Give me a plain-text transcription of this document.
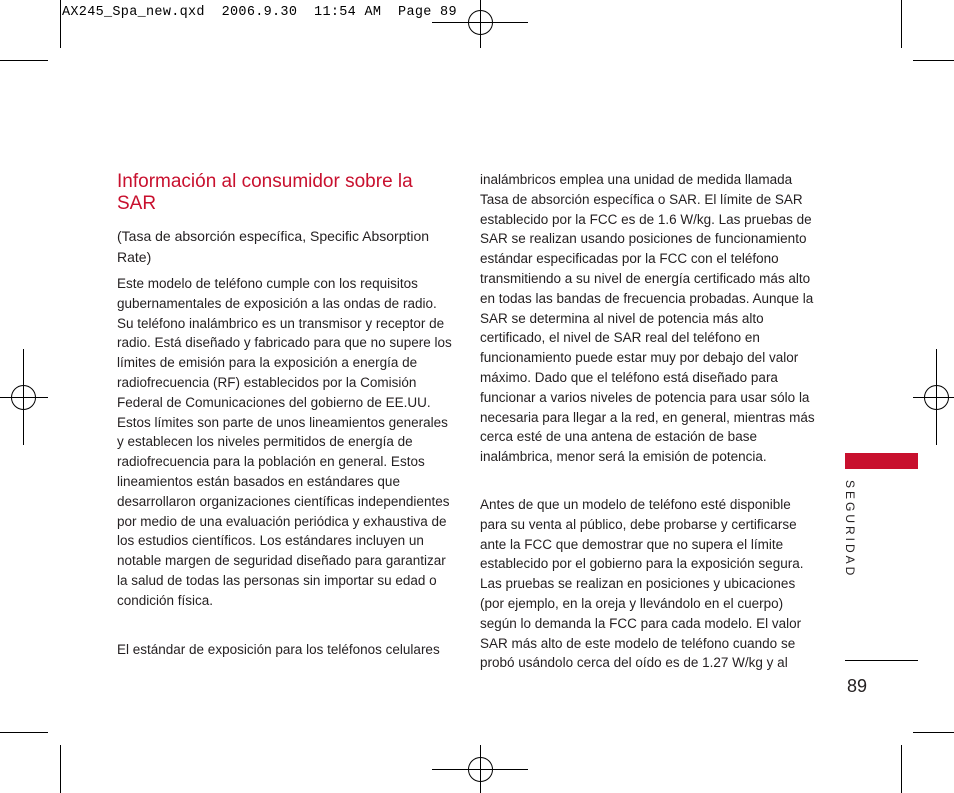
AX245_Spa_new.qxd  2006.9.30  11:54 AM  Page 89
Información al consumidor sobre la SAR

(Tasa de absorción específica, Specific Absorption Rate)

Este modelo de teléfono cumple con los requisitos gubernamentales de exposición a las ondas de radio. Su teléfono inalámbrico es un transmisor y receptor de radio. Está diseñado y fabricado para que no supere los límites de emisión para la exposición a energía de radiofrecuencia (RF) establecidos por la Comisión Federal de Comunicaciones del gobierno de EE.UU. Estos límites son parte de unos lineamientos generales y establecen los niveles permitidos de energía de radiofrecuencia para la población en general. Estos lineamientos están basados en estándares que desarrollaron organizaciones científicas independientes por medio de una evaluación periódica y exhaustiva de los estudios científicos. Los estándares incluyen un notable margen de seguridad diseñado para garantizar la salud de todas las personas sin importar su edad o condición física.

El estándar de exposición para los teléfonos celulares

inalámbricos emplea una unidad de medida llamada Tasa de absorción específica o SAR. El límite de SAR establecido por la FCC es de 1.6 W/kg. Las pruebas de SAR se realizan usando posiciones de funcionamiento estándar especificadas por la FCC con el teléfono transmitiendo a su nivel de energía certificado más alto en todas las bandas de frecuencia probadas. Aunque la SAR se determina al nivel de potencia más alto certificado, el nivel de SAR real del teléfono en funcionamiento puede estar muy por debajo del valor máximo. Dado que el teléfono está diseñado para funcionar a varios niveles de potencia para usar sólo la necesaria para llegar a la red, en general, mientras más cerca esté de una antena de estación de base inalámbrica, menor será la emisión de potencia.

Antes de que un modelo de teléfono esté disponible para su venta al público, debe probarse y certificarse ante la FCC que demostrar que no supera el límite establecido por el gobierno para la exposición segura. Las pruebas se realizan en posiciones y ubicaciones (por ejemplo, en la oreja y llevándolo en el cuerpo) según lo demanda la FCC para cada modelo. El valor SAR más alto de este modelo de teléfono cuando se probó usándolo cerca del oído es de 1.27 W/kg y al

SEGURIDAD
89
